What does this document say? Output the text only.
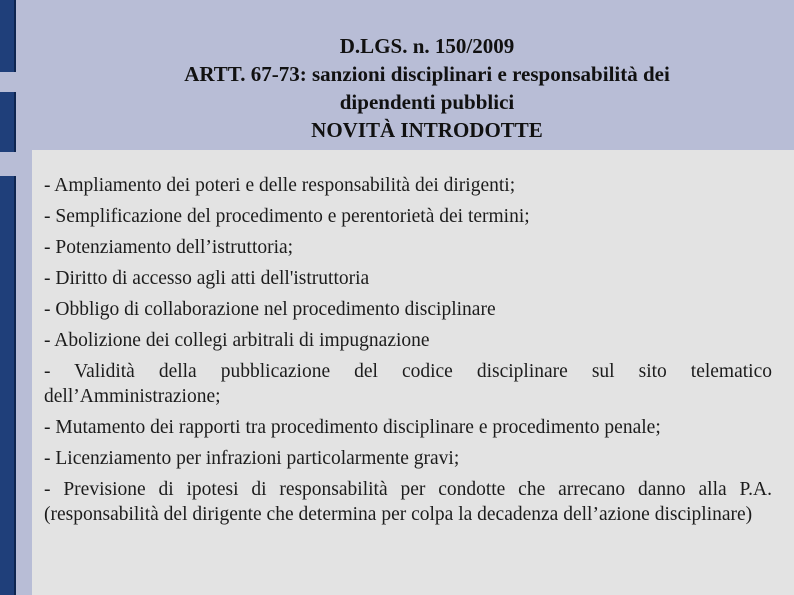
D.LGS. n. 150/2009
ARTT. 67-73: sanzioni disciplinari e responsabilità dei
dipendenti pubblici
NOVITÀ INTRODOTTE

- Ampliamento dei poteri e delle responsabilità dei dirigenti;

- Semplificazione del procedimento e perentorietà dei termini;

- Potenziamento dell’istruttoria;

- Diritto di accesso agli atti dell'istruttoria

- Obbligo di collaborazione nel procedimento disciplinare

- Abolizione dei collegi arbitrali di impugnazione

- Validità della pubblicazione del codice disciplinare sul sito telematico dell’Amministrazione;

- Mutamento dei rapporti tra procedimento disciplinare e procedimento penale;

- Licenziamento per infrazioni particolarmente gravi;

- Previsione di ipotesi di responsabilità per condotte che arrecano danno alla P.A. (responsabilità del dirigente che determina per colpa la decadenza dell’azione disciplinare)
